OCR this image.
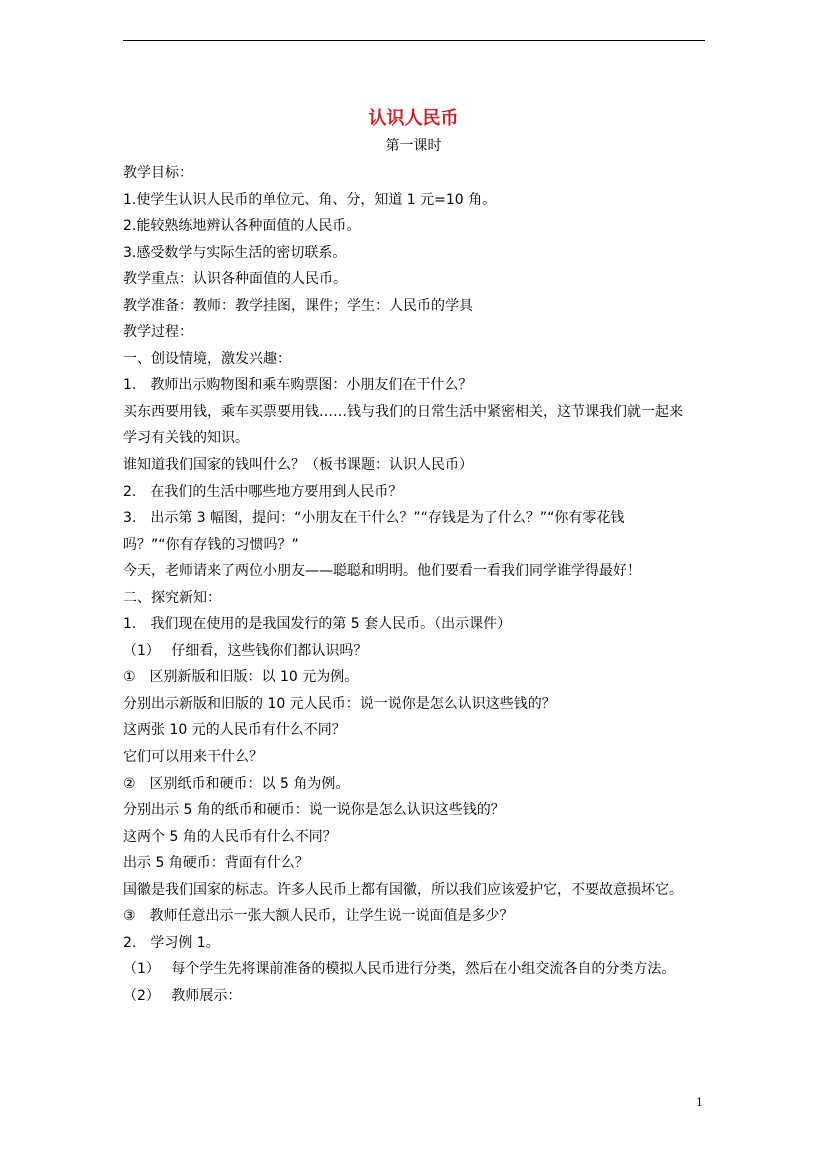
认识人民币
第一课时
教学目标：
1.使学生认识人民币的单位元、角、分，知道 1 元=10 角。
2.能较熟练地辨认各种面值的人民币。
3.感受数学与实际生活的密切联系。
教学重点：认识各种面值的人民币。
教学准备：教师：教学挂图，课件；学生：人民币的学具
教学过程：
一、创设情境，激发兴趣：
1.　教师出示购物图和乘车购票图：小朋友们在干什么？
买东西要用钱，乘车买票要用钱……钱与我们的日常生活中紧密相关，这节课我们就一起来
学习有关钱的知识。
谁知道我们国家的钱叫什么？（板书课题：认识人民币）
2.　在我们的生活中哪些地方要用到人民币？
3.　出示第 3 幅图，提问：“小朋友在干什么？”“存钱是为了什么？”“你有零花钱
吗？”“你有存钱的习惯吗？”
今天，老师请来了两位小朋友——聪聪和明明。他们要看一看我们同学谁学得最好！
二、探究新知：
1.　我们现在使用的是我国发行的第 5 套人民币。（出示课件）
（1）　 仔细看，这些钱你们都认识吗？
①　区别新版和旧版：以 10 元为例。
分别出示新版和旧版的 10 元人民币：说一说你是怎么认识这些钱的？
这两张 10 元的人民币有什么不同？
它们可以用来干什么？
②　区别纸币和硬币：以 5 角为例。
分别出示 5 角的纸币和硬币：说一说你是怎么认识这些钱的？
这两个 5 角的人民币有什么不同？
出示 5 角硬币：背面有什么？
国徽是我们国家的标志。许多人民币上都有国徽，所以我们应该爱护它，不要故意损坏它。
③　教师任意出示一张大额人民币，让学生说一说面值是多少？
2.　学习例 1。
（1）　 每个学生先将课前准备的模拟人民币进行分类，然后在小组交流各自的分类方法。
（2）　 教师展示：
1
